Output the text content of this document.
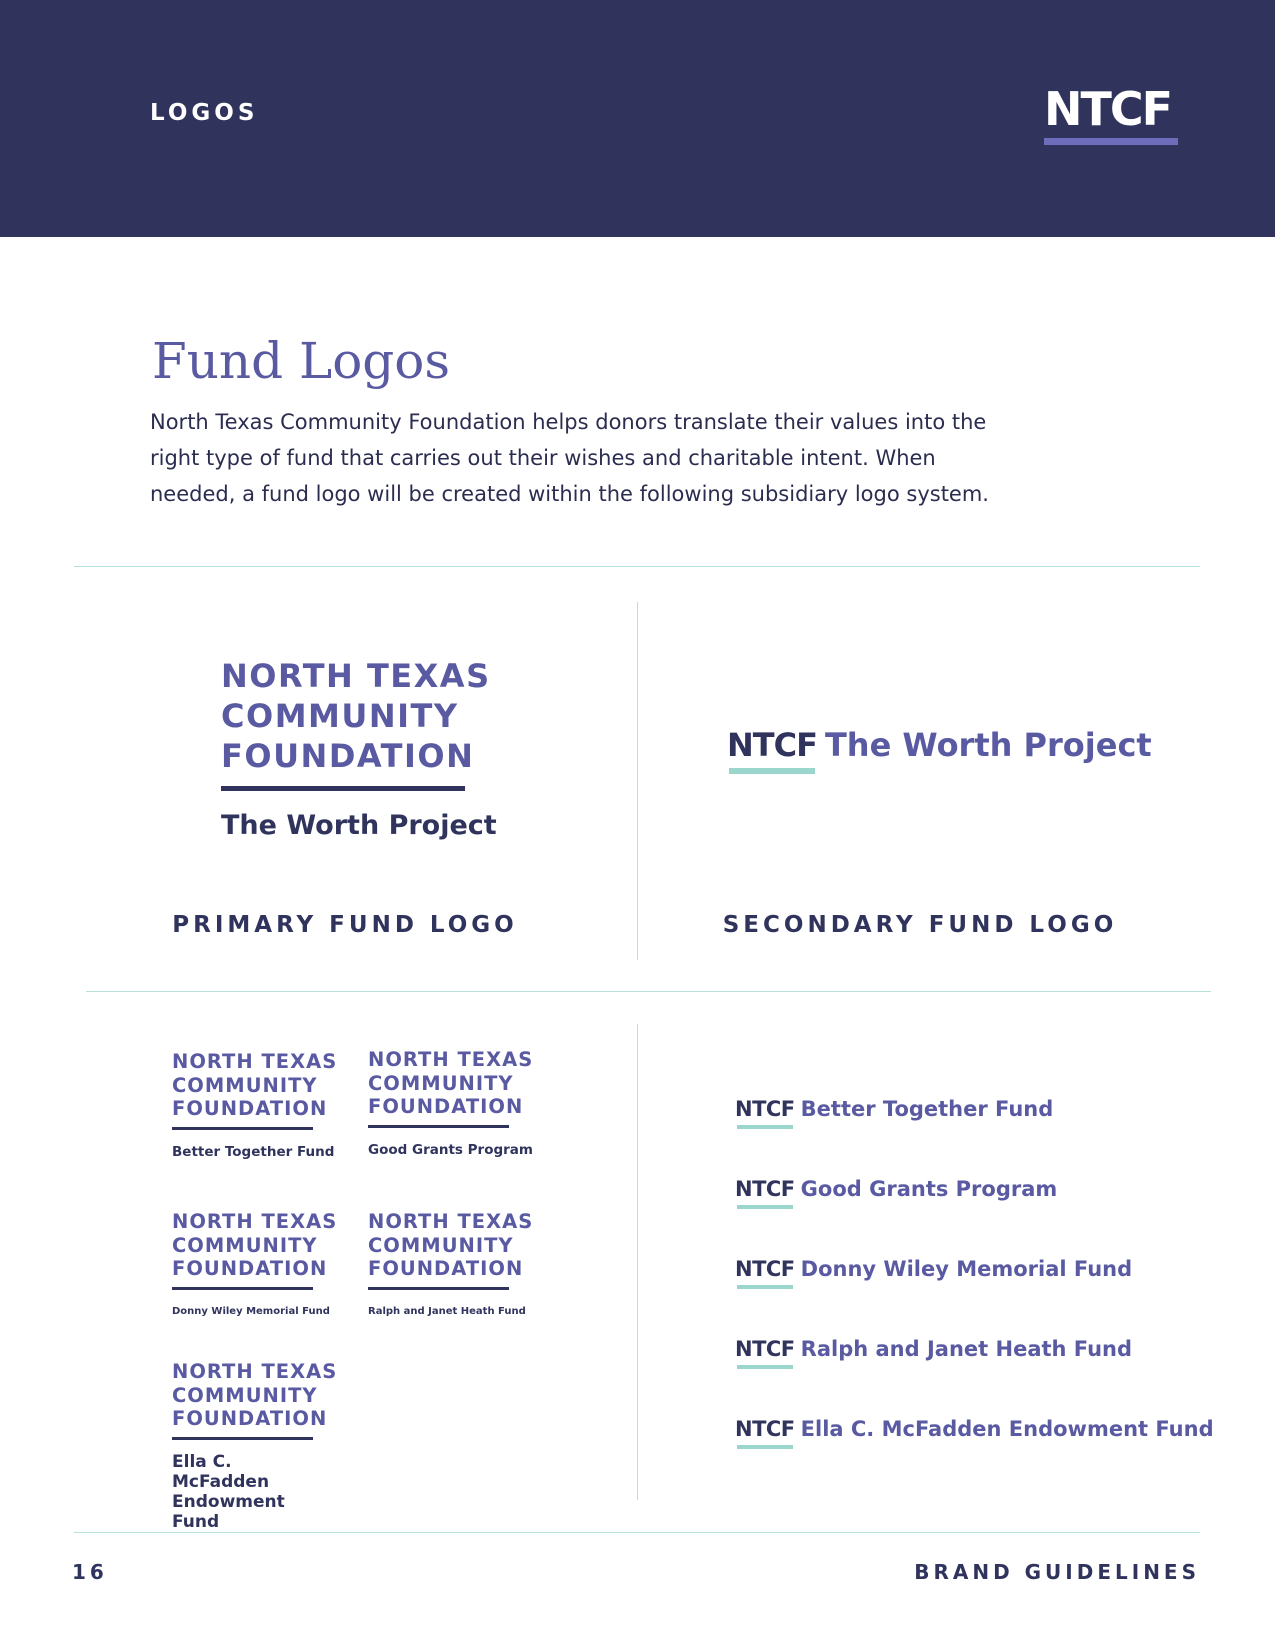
LOGOS	NTCF
Fund Logos

North Texas Community Foundation helps donors translate their values into the right type of fund that carries out their wishes and charitable intent. When needed, a fund logo will be created within the following subsidiary logo system.

NORTH TEXAS
COMMUNITY
FOUNDATION
The Worth Project
PRIMARY FUND LOGO
NTCF The Worth Project
SECONDARY FUND LOGO
NORTH TEXAS
COMMUNITY
FOUNDATION
Better Together Fund
NORTH TEXAS
COMMUNITY
FOUNDATION
Good Grants Program
NORTH TEXAS
COMMUNITY
FOUNDATION
Donny Wiley Memorial Fund
NORTH TEXAS
COMMUNITY
FOUNDATION
Ralph and Janet Heath Fund
NORTH TEXAS
COMMUNITY
FOUNDATION
Ella C. McFadden Endowment Fund
NTCF Better Together Fund
NTCF Good Grants Program
NTCF Donny Wiley Memorial Fund
NTCF Ralph and Janet Heath Fund
NTCF Ella C. McFadden Endowment Fund
16	BRAND GUIDELINES
